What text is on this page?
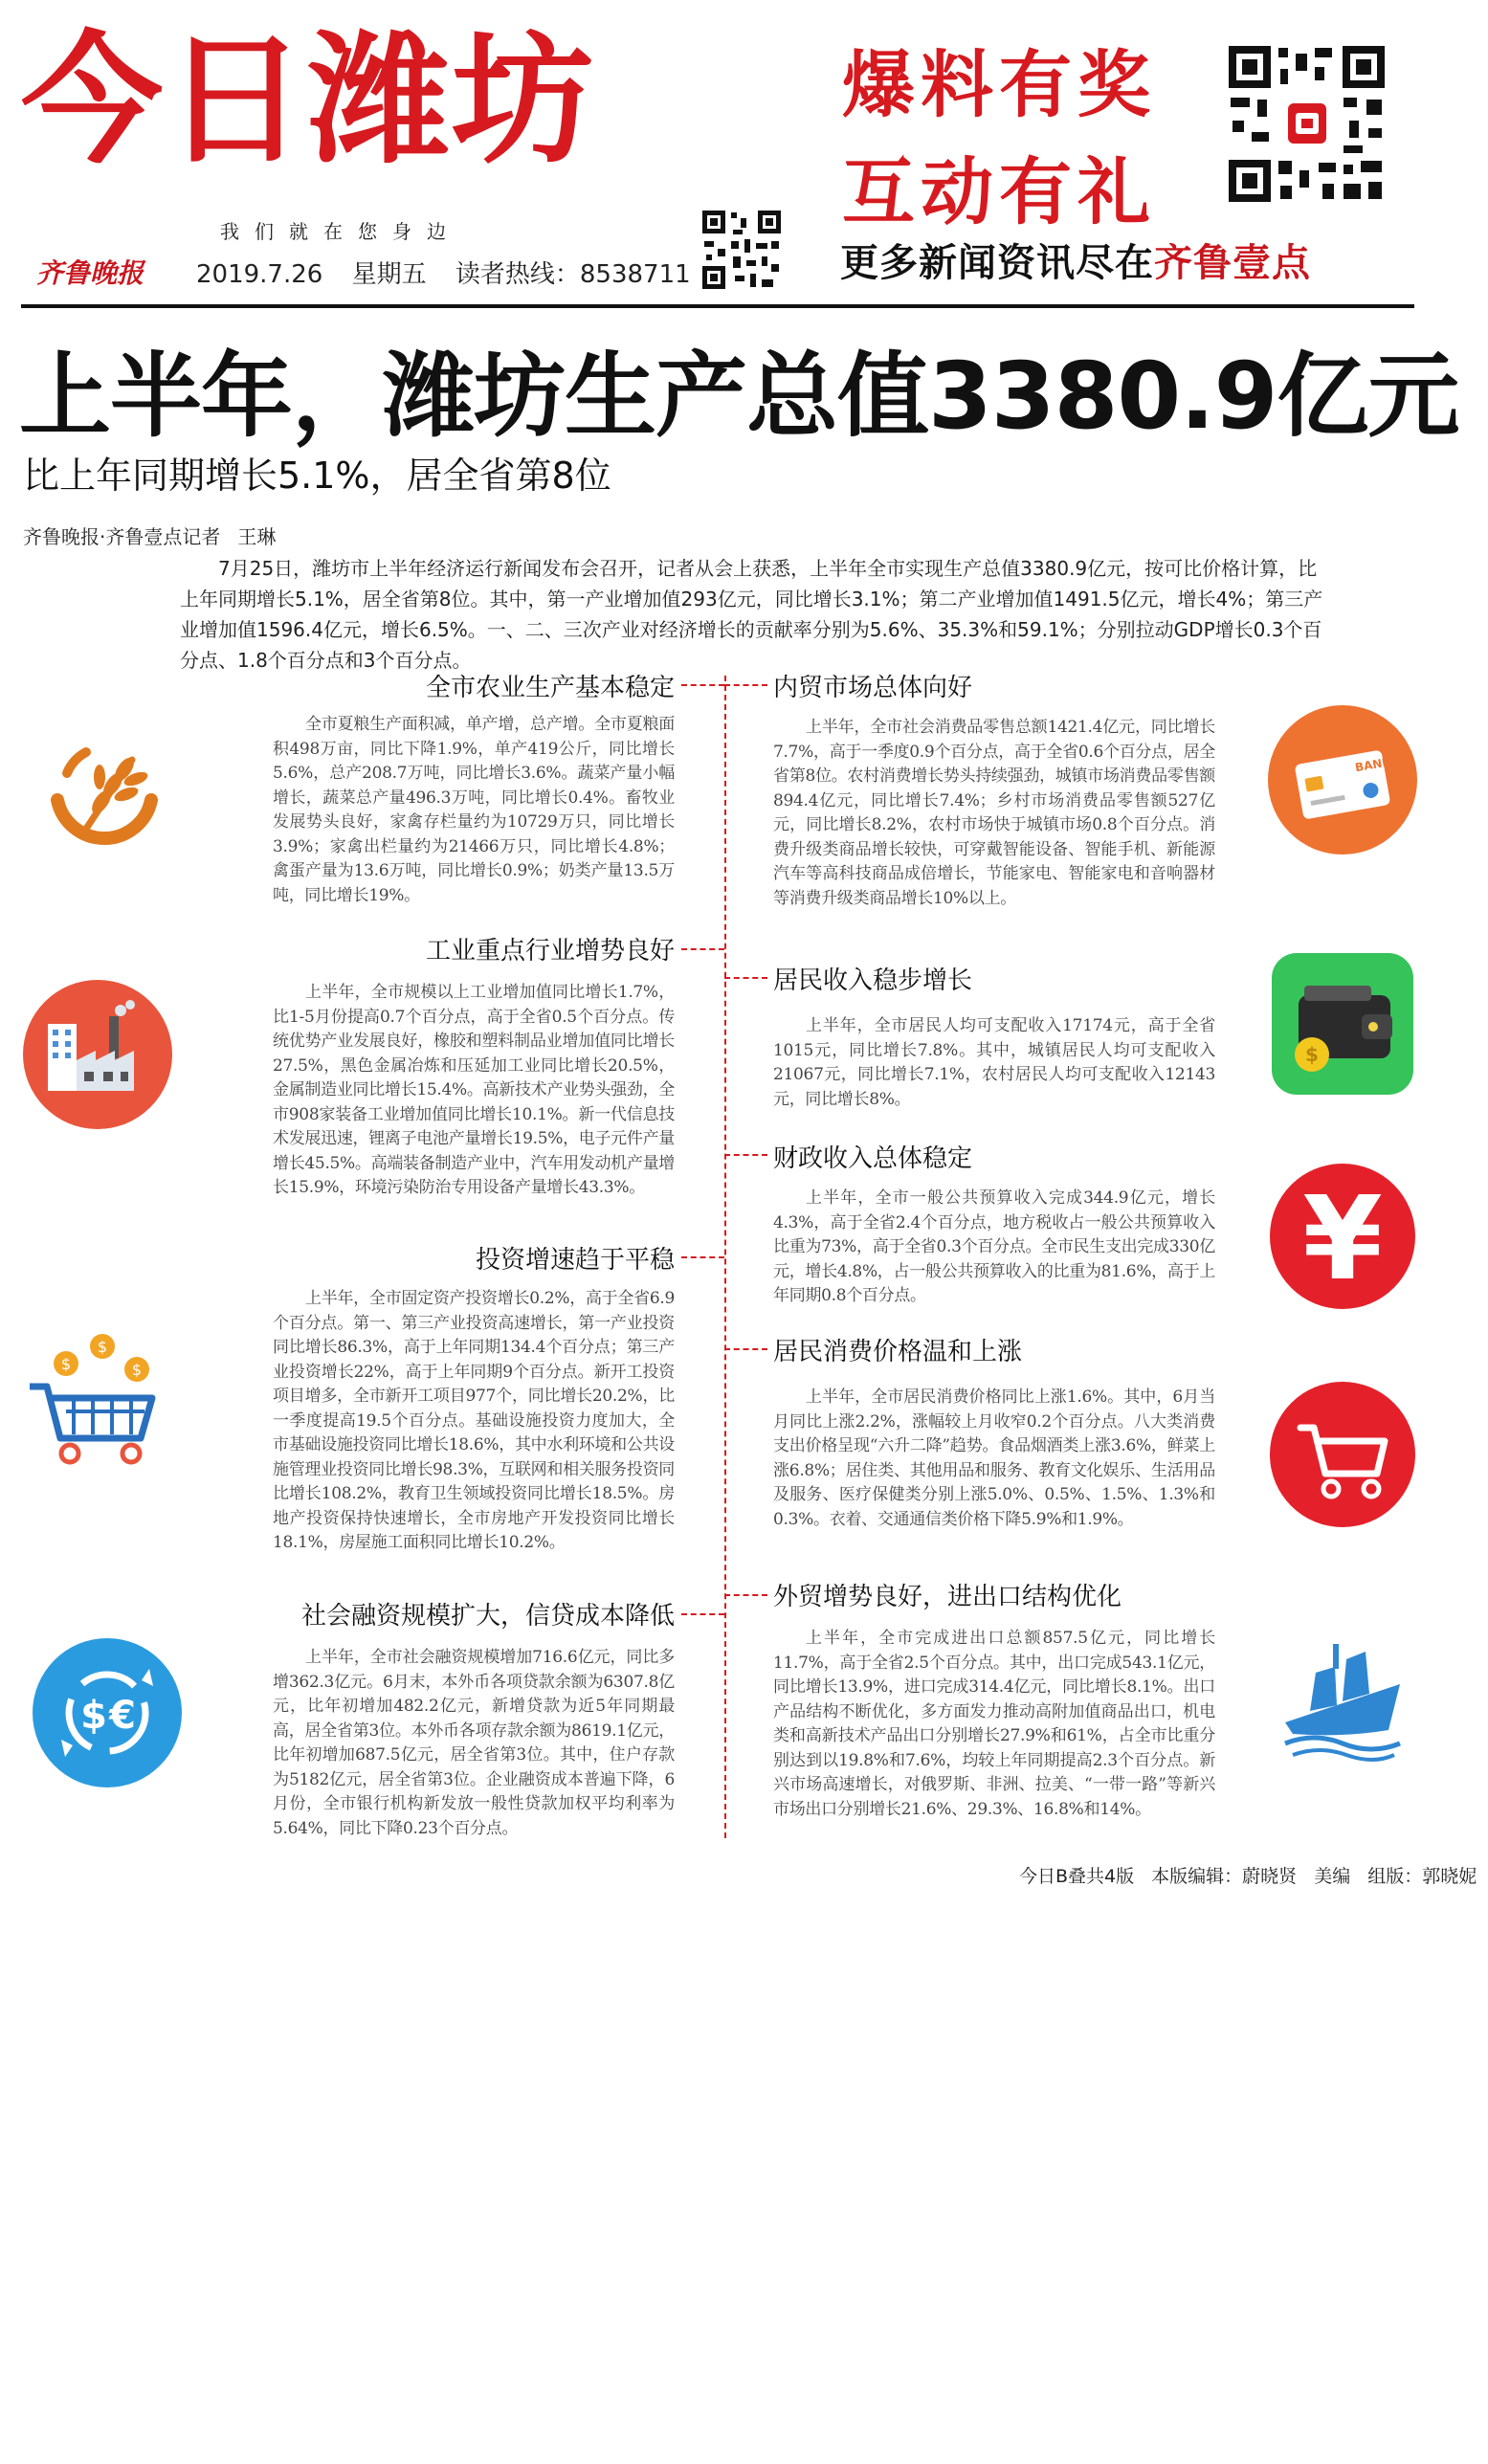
今日潍坊
我们就在您身边
齐鲁晚报 2019.7.26 星期五 读者热线：8538711
爆料有奖
互动有礼
更多新闻资讯尽在齐鲁壹点
上半年，潍坊生产总值3380.9亿元
比上年同期增长5.1%，居全省第8位
齐鲁晚报·齐鲁壹点记者 王琳
7月25日，潍坊市上半年经济运行新闻发布会召开，记者从会上获悉，上半年全市实现生产总值3380.9亿元，按可比价格计算，比上年同期增长5.1%，居全省第8位。其中，第一产业增加值293亿元，同比增长3.1%；第二产业增加值1491.5亿元，增长4%；第三产业增加值1596.4亿元，增长6.5%。一、二、三次产业对经济增长的贡献率分别为5.6%、35.3%和59.1%；分别拉动GDP增长0.3个百分点、1.8个百分点和3个百分点。
全市农业生产基本稳定
全市夏粮生产面积减，单产增，总产增。全市夏粮面积498万亩，同比下降1.9%，单产419公斤，同比增长5.6%，总产208.7万吨，同比增长3.6%。蔬菜产量小幅增长，蔬菜总产量496.3万吨，同比增长0.4%。畜牧业发展势头良好，家禽存栏量约为10729万只，同比增长3.9%；家禽出栏量约为21466万只，同比增长4.8%；禽蛋产量为13.6万吨，同比增长0.9%；奶类产量13.5万吨，同比增长19%。
工业重点行业增势良好
上半年，全市规模以上工业增加值同比增长1.7%，比1-5月份提高0.7个百分点，高于全省0.5个百分点。传统优势产业发展良好，橡胶和塑料制品业增加值同比增长27.5%，黑色金属冶炼和压延加工业同比增长20.5%，金属制造业同比增长15.4%。高新技术产业势头强劲，全市908家装备工业增加值同比增长10.1%。新一代信息技术发展迅速，锂离子电池产量增长19.5%，电子元件产量增长45.5%。高端装备制造产业中，汽车用发动机产量增长15.9%，环境污染防治专用设备产量增长43.3%。
投资增速趋于平稳
上半年，全市固定资产投资增长0.2%，高于全省6.9个百分点。第一、第三产业投资高速增长，第一产业投资同比增长86.3%，高于上年同期134.4个百分点；第三产业投资增长22%，高于上年同期9个百分点。新开工投资项目增多，全市新开工项目977个，同比增长20.2%，比一季度提高19.5个百分点。基础设施投资力度加大，全市基础设施投资同比增长18.6%，其中水利环境和公共设施管理业投资同比增长98.3%，互联网和相关服务投资同比增长108.2%，教育卫生领域投资同比增长18.5%。房地产投资保持快速增长，全市房地产开发投资同比增长18.1%，房屋施工面积同比增长10.2%。
社会融资规模扩大，信贷成本降低
上半年，全市社会融资规模增加716.6亿元，同比多增362.3亿元。6月末，本外币各项贷款余额为6307.8亿元，比年初增加482.2亿元，新增贷款为近5年同期最高，居全省第3位。本外币各项存款余额为8619.1亿元，比年初增加687.5亿元，居全省第3位。其中，住户存款为5182亿元，居全省第3位。企业融资成本普遍下降，6月份，全市银行机构新发放一般性贷款加权平均利率为5.64%，同比下降0.23个百分点。
内贸市场总体向好
上半年，全市社会消费品零售总额1421.4亿元，同比增长7.7%，高于一季度0.9个百分点，高于全省0.6个百分点，居全省第8位。农村消费增长势头持续强劲，城镇市场消费品零售额894.4亿元，同比增长7.4%；乡村市场消费品零售额527亿元，同比增长8.2%，农村市场快于城镇市场0.8个百分点。消费升级类商品增长较快，可穿戴智能设备、智能手机、新能源汽车等高科技商品成倍增长，节能家电、智能家电和音响器材等消费升级类商品增长10%以上。
居民收入稳步增长
上半年，全市居民人均可支配收入17174元，高于全省1015元，同比增长7.8%。其中，城镇居民人均可支配收入21067元，同比增长7.1%，农村居民人均可支配收入12143元，同比增长8%。
财政收入总体稳定
上半年，全市一般公共预算收入完成344.9亿元，增长4.3%，高于全省2.4个百分点，地方税收占一般公共预算收入比重为73%，高于全省0.3个百分点。全市民生支出完成330亿元，增长4.8%，占一般公共预算收入的比重为81.6%，高于上年同期0.8个百分点。
居民消费价格温和上涨
上半年，全市居民消费价格同比上涨1.6%。其中，6月当月同比上涨2.2%，涨幅较上月收窄0.2个百分点。八大类消费支出价格呈现“六升二降”趋势。食品烟酒类上涨3.6%，鲜菜上涨6.8%；居住类、其他用品和服务、教育文化娱乐、生活用品及服务、医疗保健类分别上涨5.0%、0.5%、1.5%、1.3%和0.3%。衣着、交通通信类价格下降5.9%和1.9%。
外贸增势良好，进出口结构优化
上半年，全市完成进出口总额857.5亿元，同比增长11.7%，高于全省2.5个百分点。其中，出口完成543.1亿元，同比增长13.9%，进口完成314.4亿元，同比增长8.1%。出口产品结构不断优化，多方面发力推动高附加值商品出口，机电类和高新技术产品出口分别增长27.9%和61%，占全市比重分别达到以19.8%和7.6%，均较上年同期提高2.3个百分点。新兴市场高速增长，对俄罗斯、非洲、拉美、“一带一路”等新兴市场出口分别增长21.6%、29.3%、16.8%和14%。
$
$	$
$ €
BANK
$
¥
今日B叠共4版 本版编辑：蔚晓贤 美编 组版：郭晓妮
